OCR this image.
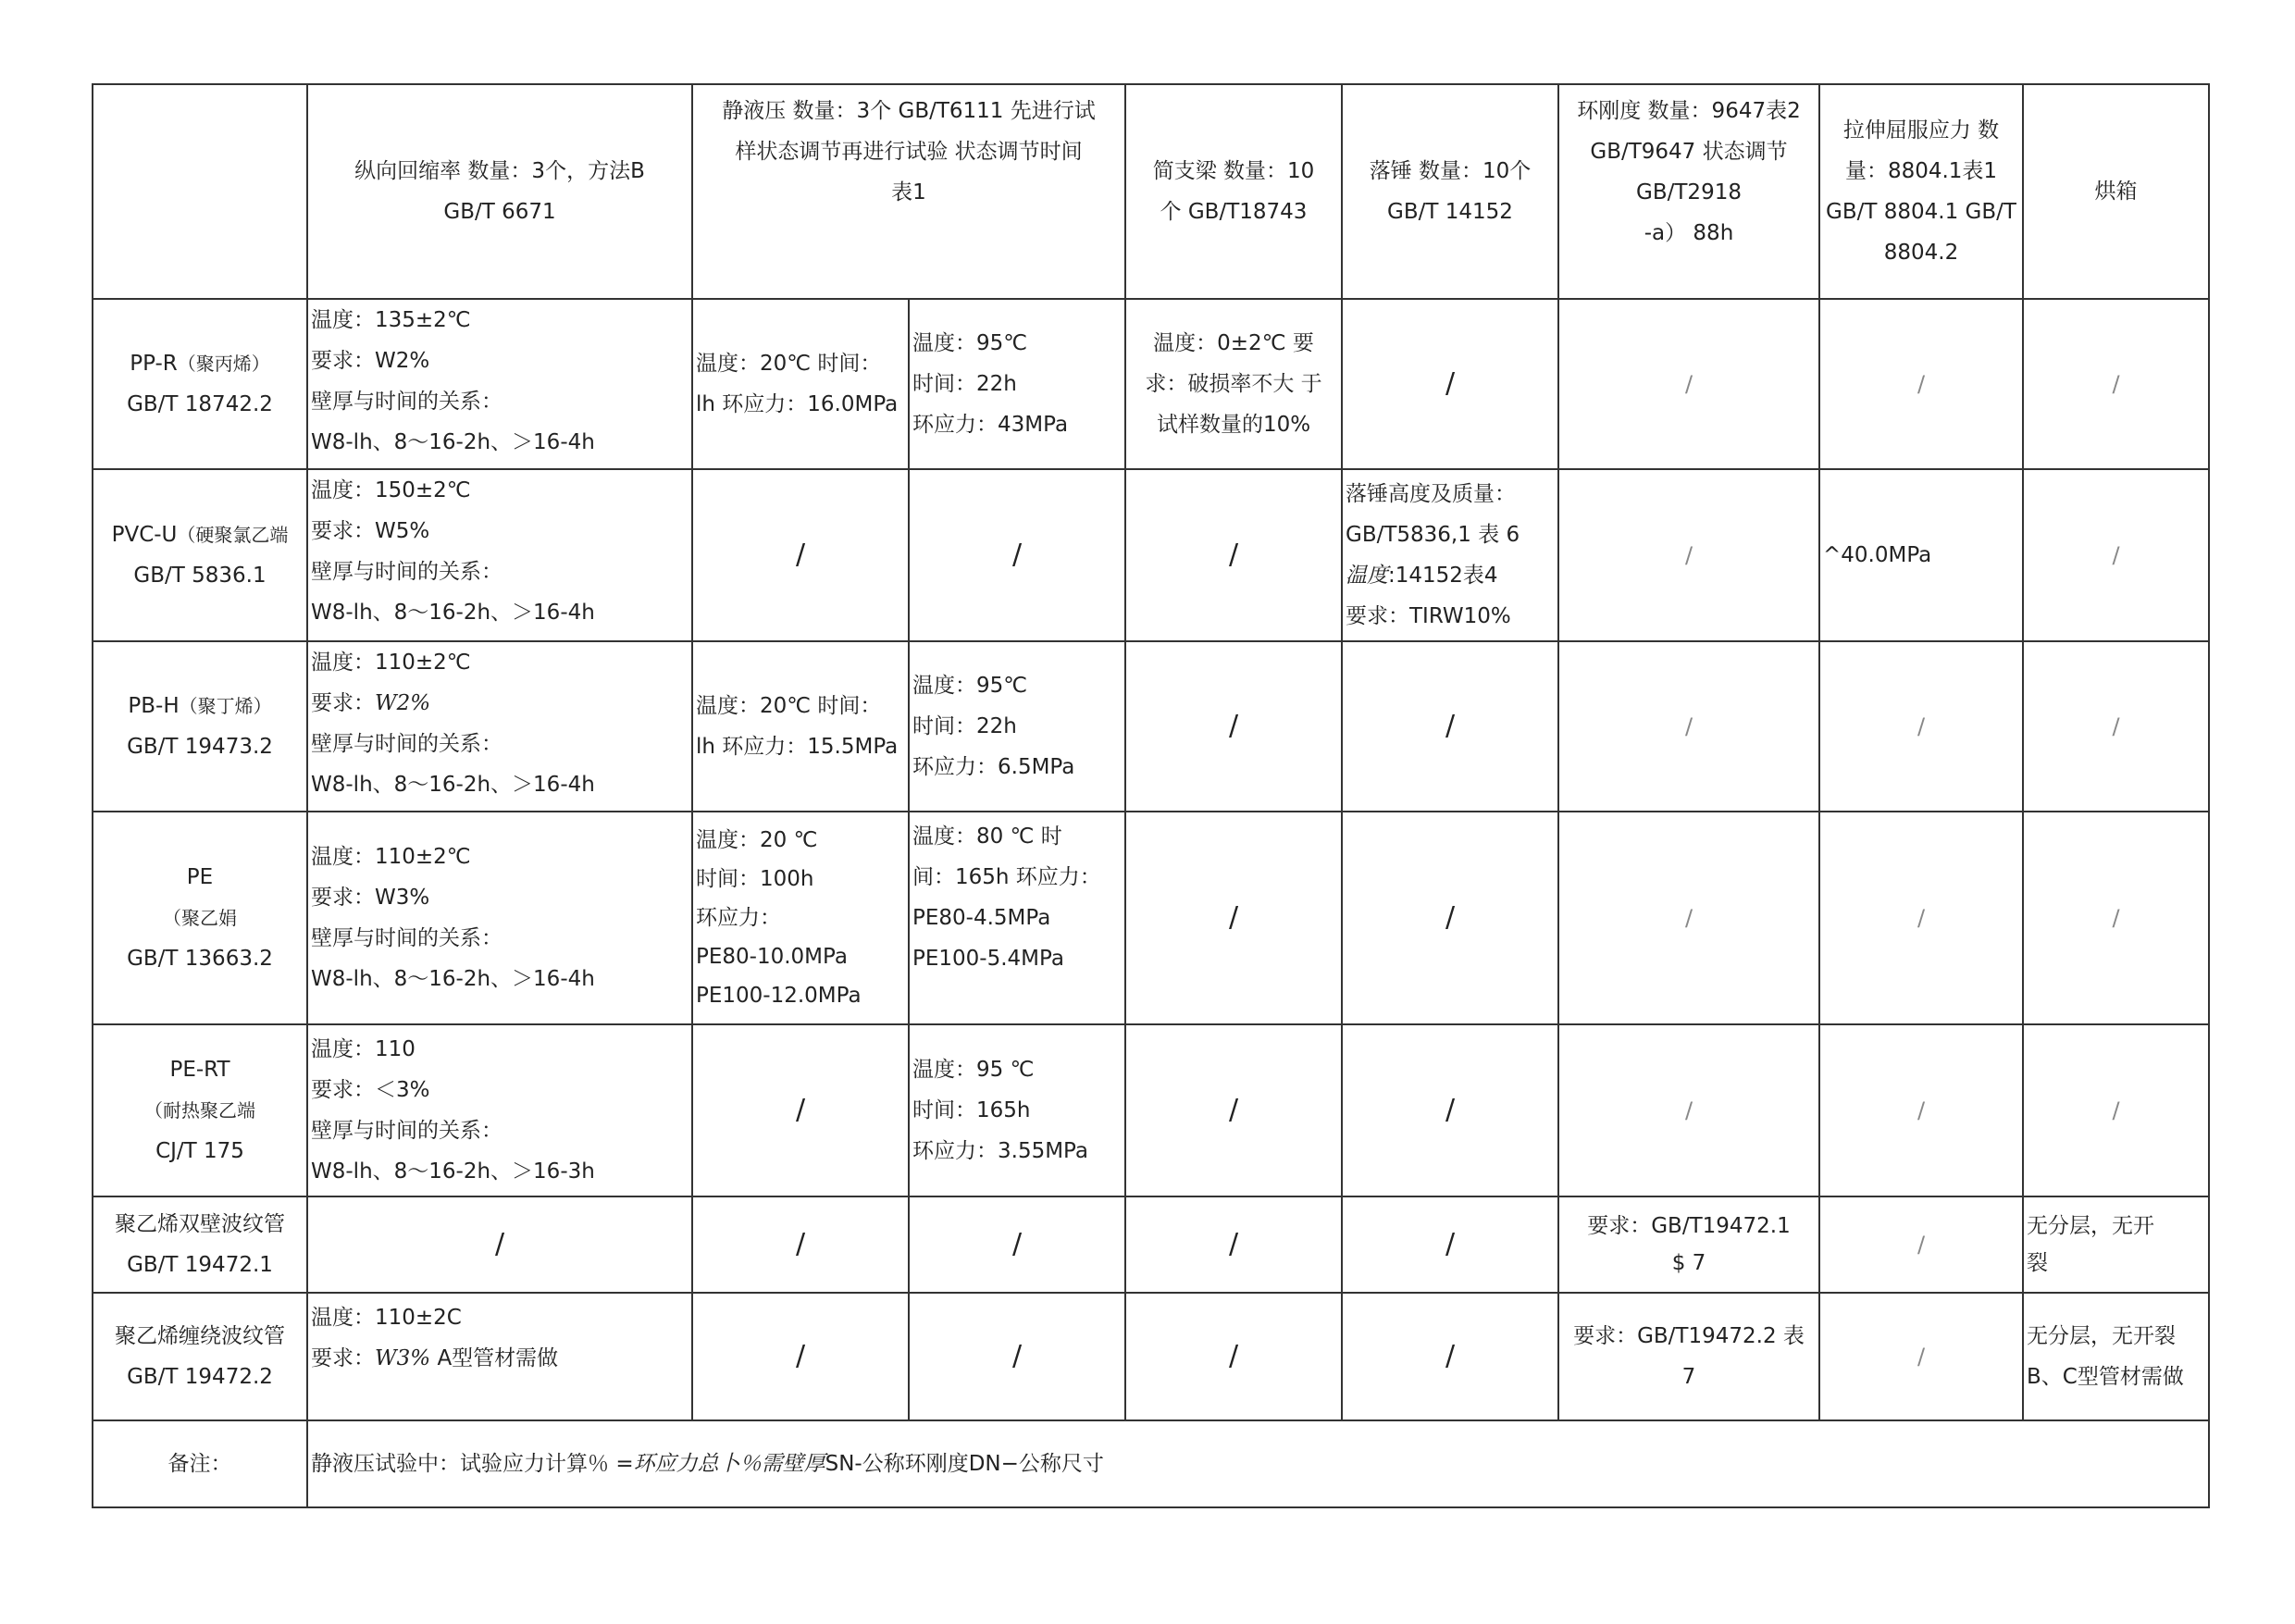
	纵向回缩率 数量：3个，方法B
GB/T 6671	静液压 数量：3个 GB/T6111 先进行试
样状态调节再进行试验 状态调节时间
表1		简支梁 数量：10
个 GB/T18743	落锤 数量：10个
GB/T 14152	环刚度 数量：9647表2
GB/T9647 状态调节
GB/T2918
-a） 88h	拉伸屈服应力 数
量：8804.1表1
GB/T 8804.1 GB/T
8804.2	烘箱

PP-R（聚丙烯）
GB/T 18742.2	温度：135±2℃
要求：W2%
壁厚与时间的关系：
W8-lh、8〜16-2h、＞16-4h	温度：20℃ 时间：
lh 环应力：16.0MPa	温度：95℃
时间：22h
环应力：43MPa	温度：0±2℃ 要
求：破损率不大 于
试样数量的10%	/	/	/	/

PVC-U（硬聚氯乙端
GB/T 5836.1	温度：150±2℃
要求：W5%
壁厚与时间的关系：
W8-lh、8〜16-2h、＞16-4h	/	/	/	落锤高度及质量：
GB/T5836,1 表 6
温度:14152表4
要求：TIRW10%	/	^40.0MPa	/

PB-H（聚丁烯）
GB/T 19473.2	温度：110±2℃
要求：W2%
壁厚与时间的关系：
W8-lh、8〜16-2h、＞16-4h	温度：20℃ 时间：
lh 环应力：15.5MPa	温度：95℃
时间：22h
环应力：6.5MPa	/	/	/	/	/

PE
（聚乙娟
GB/T 13663.2	温度：110±2℃
要求：W3%
壁厚与时间的关系：
W8-lh、8〜16-2h、＞16-4h	温度：20 ℃
时间：100h
环应力：
PE80-10.0MPa
PE100-12.0MPa	温度：80 ℃ 时
间：165h 环应力：
PE80-4.5MPa
PE100-5.4MPa	/	/	/	/	/

PE-RT
（耐热聚乙端
CJ/T 175	温度：110
要求：＜3%
壁厚与时间的关系：
W8-lh、8〜16-2h、＞16-3h	/	温度：95 ℃
时间：165h
环应力：3.55MPa	/	/	/	/	/

聚乙烯双壁波纹管
GB/T 19472.1	/	/	/	/	/	要求：GB/T19472.1
$ 7	/	无分层，无开
裂

聚乙烯缠绕波纹管
GB/T 19472.2	温度：110±2C
要求：W3% A型管材需做	/	/	/	/	要求：GB/T19472.2 表
7	/	无分层，无开裂
B、C型管材需做

备注：	静液压试验中：试验应力计算％ =环应力总卜％需壁厚SN-公称环刚度DN−公称尺寸							
